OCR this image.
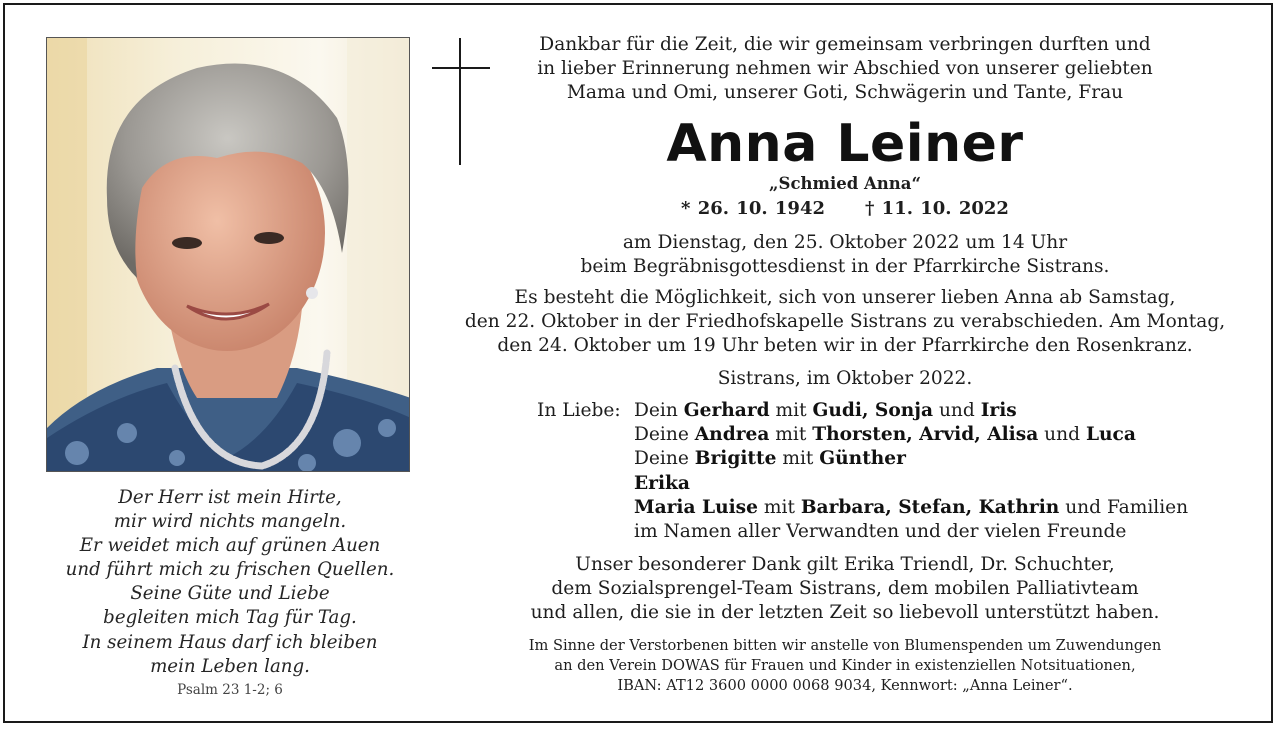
Der Herr ist mein Hirte,
mir wird nichts mangeln.
Er weidet mich auf grünen Auen
und führt mich zu frischen Quellen.
Seine Güte und Liebe
begleiten mich Tag für Tag.
In seinem Haus darf ich bleiben
mein Leben lang.
Psalm 23 1-2; 6
Dankbar für die Zeit, die wir gemeinsam verbringen durften und
in lieber Erinnerung nehmen wir Abschied von unserer geliebten
Mama und Omi, unserer Goti, Schwägerin und Tante, Frau
Anna Leiner
„Schmied Anna“
* 26. 10. 1942 † 11. 10. 2022
am Dienstag, den 25. Oktober 2022 um 14 Uhr
beim Begräbnisgottesdienst in der Pfarrkirche Sistrans.
Es besteht die Möglichkeit, sich von unserer lieben Anna ab Samstag,
den 22. Oktober in der Friedhofskapelle Sistrans zu verabschieden. Am Montag,
den 24. Oktober um 19 Uhr beten wir in der Pfarrkirche den Rosenkranz.
Sistrans, im Oktober 2022.
In Liebe: Dein Gerhard mit Gudi, Sonja und Iris
Deine Andrea mit Thorsten, Arvid, Alisa und Luca
Deine Brigitte mit Günther
Erika
Maria Luise mit Barbara, Stefan, Kathrin und Familien
im Namen aller Verwandten und der vielen Freunde
Unser besonderer Dank gilt Erika Triendl, Dr. Schuchter,
dem Sozialsprengel-Team Sistrans, dem mobilen Palliativteam
und allen, die sie in der letzten Zeit so liebevoll unterstützt haben.
Im Sinne der Verstorbenen bitten wir anstelle von Blumenspenden um Zuwendungen
an den Verein DOWAS für Frauen und Kinder in existenziellen Notsituationen,
IBAN: AT12 3600 0000 0068 9034, Kennwort: „Anna Leiner“.
